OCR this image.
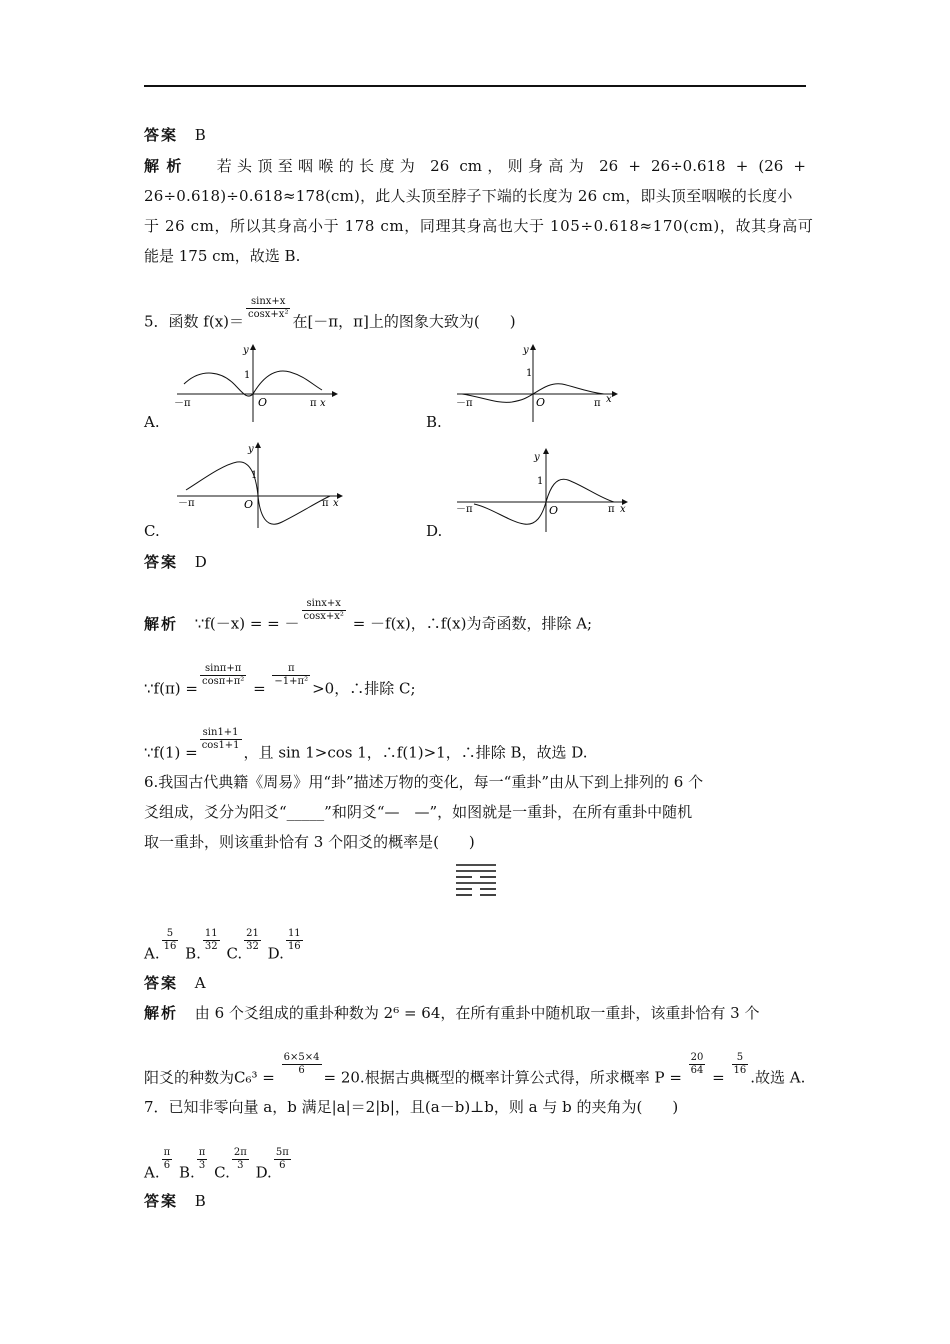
答案 B
解析 若头顶至咽喉的长度为 26 cm，则身高为 26 + 26÷0.618 + (26 +
26÷0.618)÷0.618≈178(cm)，此人头顶至脖子下端的长度为 26 cm，即头顶至咽喉的长度小
于 26 cm，所以其身高小于 178 cm，同理其身高也大于 105÷0.618≈170(cm)，故其身高可
能是 175 cm，故选 B.
5．函数 f(x)＝
$\frac{\sin x+x}{\text{cosx+x²}}$
在[－π，π]上的图象大致为(　　)
y
1
O
－π	π x
A.
y
1
O
－π	π x
B.
y
1
O
－π	π x
C.
y
1
O
－π	π x
D.
答案 D
解析 ∵f(－x) = = －
$\frac{\sin x+x}{\text{cosx+x²}}$
= －f(x)，∴f(x)为奇函数，排除 A;
∵f(π) =
$\frac{\sin\pi+\pi}{\text{cosπ+π²}}$
=
$\frac{\pi}{\text{−1+π²}}$
>0，∴排除 C;
∵f(1) =
$\frac{\sin 1+1}{\cos 1+1}$
，且 sin 1>cos 1，∴f(1)>1，∴排除 B，故选 D.
6.我国古代典籍《周易》用“卦”描述万物的变化，每一“重卦”由从下到上排列的 6 个
爻组成，爻分为阳爻“_____”和阴爻“—　—”，如图就是一重卦，在所有重卦中随机
取一重卦，则该重卦恰有 3 个阳爻的概率是(　　)
A.
$\frac{5}{16}$
B.
$\frac{11}{32}$
C.
$\frac{21}{32}$
D.
$\frac{11}{16}$
答案 A
解析 由 6 个爻组成的重卦种数为 2⁶ = 64，在所有重卦中随机取一重卦，该重卦恰有 3 个
阳爻的种数为C₆³ =
$\frac{6\times 5\times 4}{6}$
= 20.根据古典概型的概率计算公式得，所求概率 P =
$\frac{20}{64}$
=
$\frac{5}{16}$
.故选 A.
7．已知非零向量 a，b 满足|a|＝2|b|，且(a－b)⊥b，则 a 与 b 的夹角为(　　)
A.
$\frac{\pi}{6}$
B.
$\frac{\pi}{3}$
C.
$\frac{2\pi}{3}$
D.
$\frac{5\pi}{6}$
答案 B
